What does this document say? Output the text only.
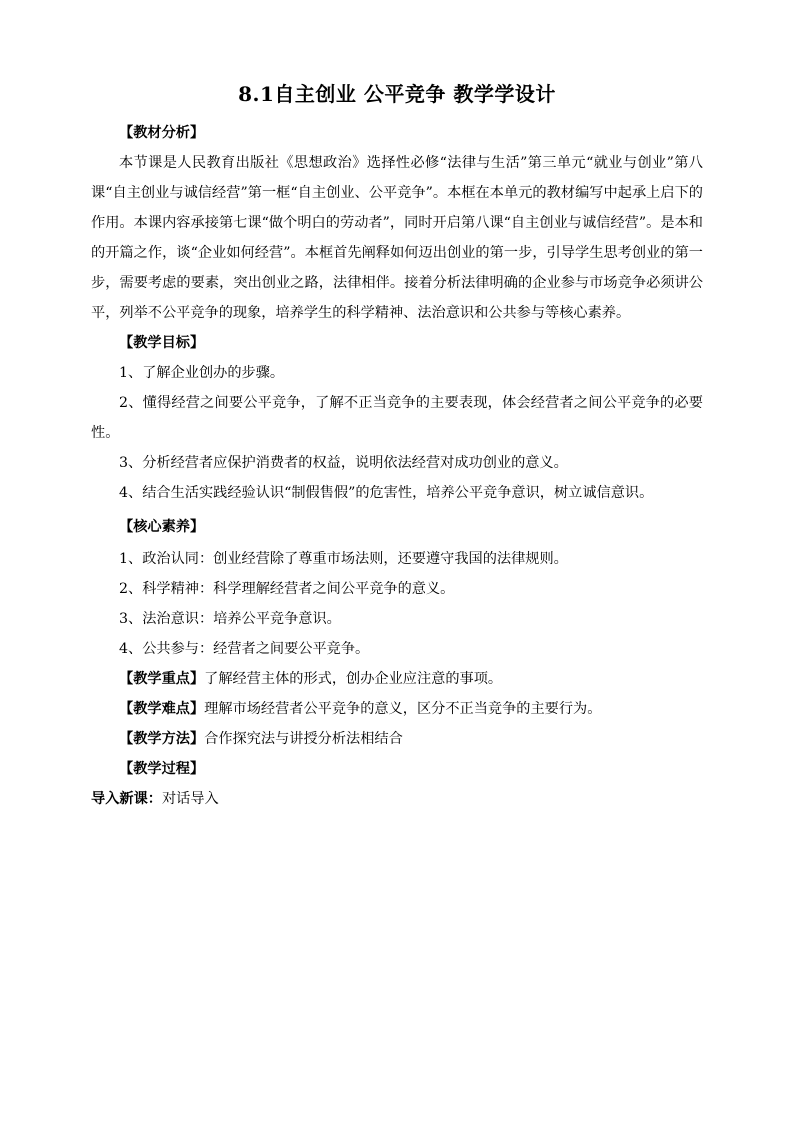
8.1自主创业 公平竞争 教学学设计
【教材分析】

本节课是人民教育出版社《思想政治》选择性必修“法律与生活”第三单元“就业与创业”第八课“自主创业与诚信经营”第一框“自主创业、公平竞争”。本框在本单元的教材编写中起承上启下的作用。本课内容承接第七课“做个明白的劳动者”，同时开启第八课“自主创业与诚信经营”。是本和的开篇之作，谈“企业如何经营”。本框首先阐释如何迈出创业的第一步，引导学生思考创业的第一步，需要考虑的要素，突出创业之路，法律相伴。接着分析法律明确的企业参与市场竞争必须讲公平，列举不公平竞争的现象，培养学生的科学精神、法治意识和公共参与等核心素养。

【教学目标】

1、了解企业创办的步骤。

2、懂得经营之间要公平竞争，了解不正当竞争的主要表现，体会经营者之间公平竞争的必要性。

3、分析经营者应保护消费者的权益，说明依法经营对成功创业的意义。

4、结合生活实践经验认识“制假售假”的危害性，培养公平竞争意识，树立诚信意识。

【核心素养】

1、政治认同：创业经营除了尊重市场法则，还要遵守我国的法律规则。

2、科学精神：科学理解经营者之间公平竞争的意义。

3、法治意识：培养公平竞争意识。

4、公共参与：经营者之间要公平竞争。

【教学重点】了解经营主体的形式，创办企业应注意的事项。
【教学难点】理解市场经营者公平竞争的意义，区分不正当竞争的主要行为。
【教学方法】合作探究法与讲授分析法相结合
【教学过程】
导入新课：对话导入
